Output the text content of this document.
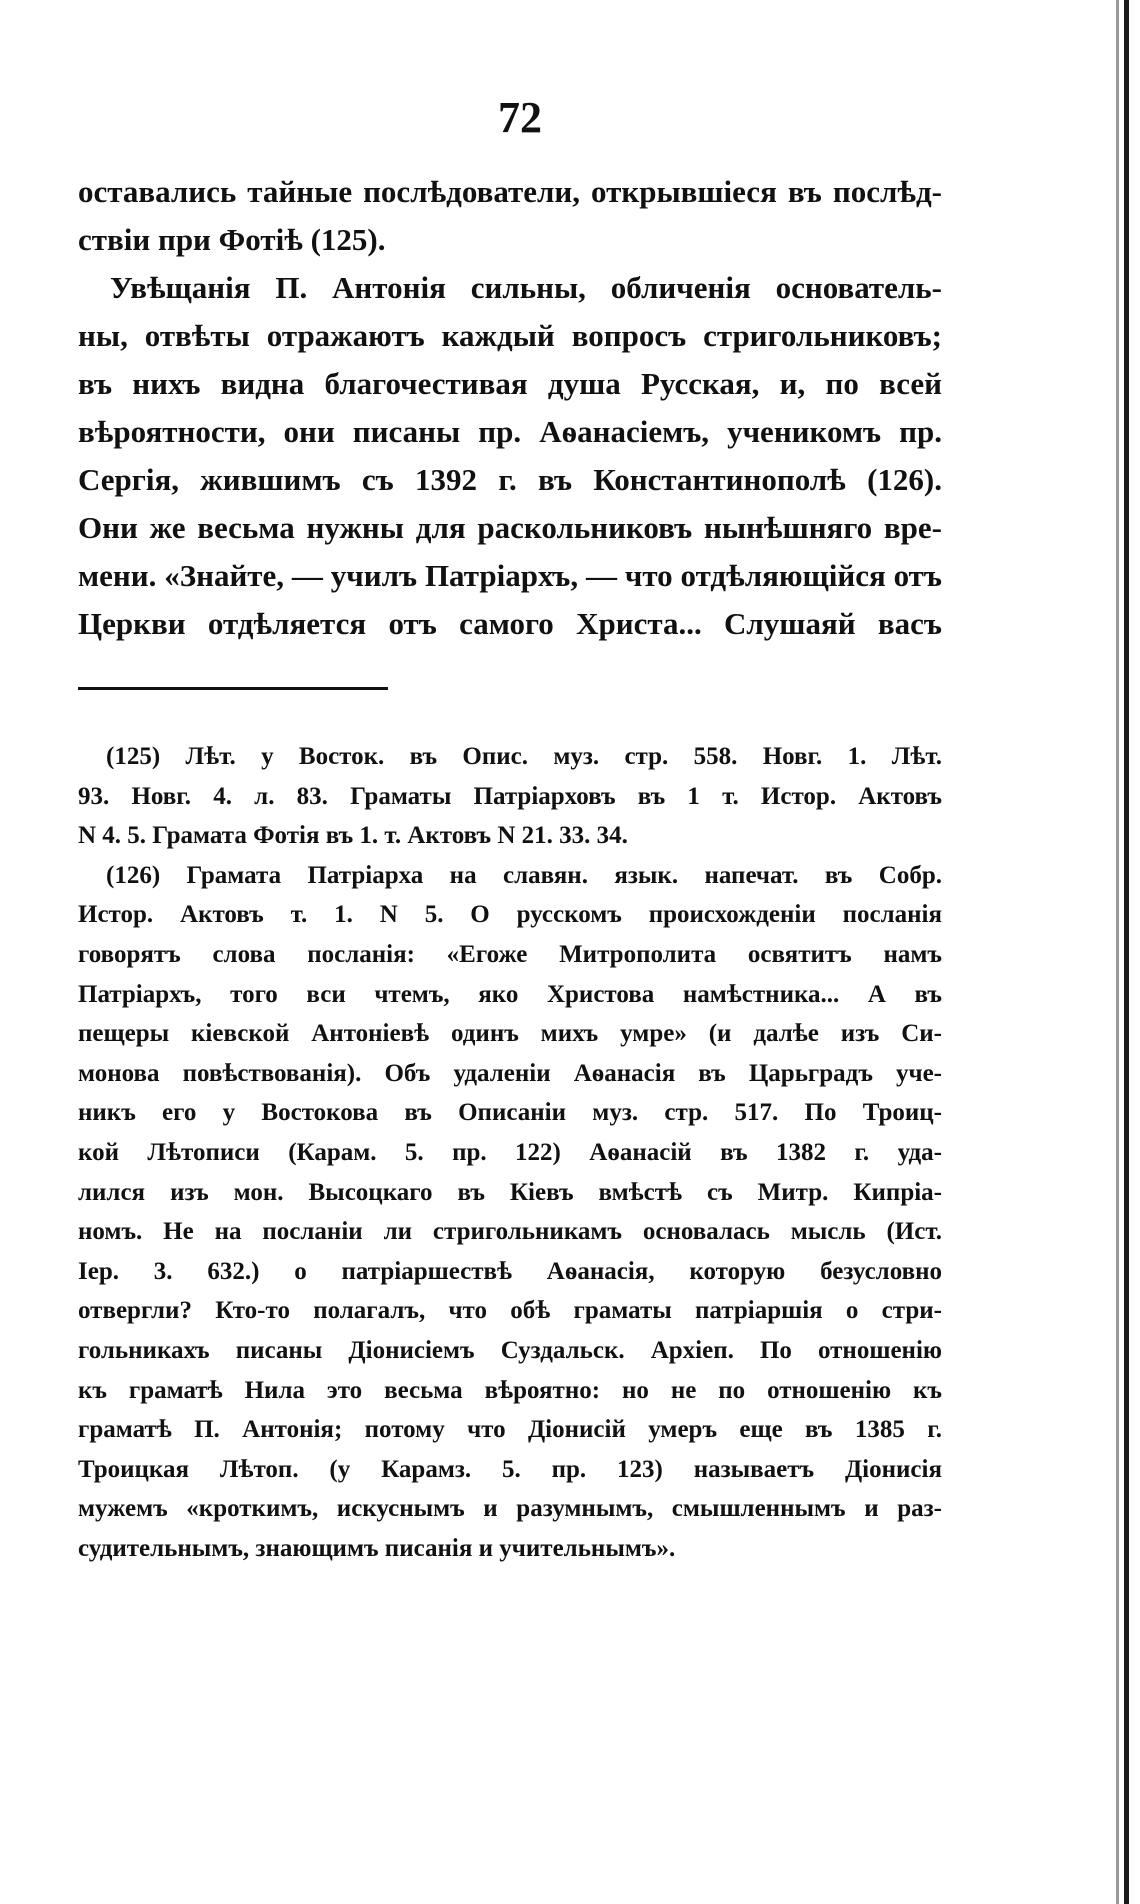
72
оставались тайные послѣдователи, открывшіеся въ послѣд-
ствіи при Фотіѣ (125).
Увѣщанія П. Антонія сильны, обличенія основатель-
ны, отвѣты отражаютъ каждый вопросъ стригольниковъ;
въ нихъ видна благочестивая душа Русская, и, по всей
вѣроятности, они писаны пр. Аѳанасіемъ, ученикомъ пр.
Сергія, жившимъ съ 1392 г. въ Константинополѣ (126).
Они же весьма нужны для раскольниковъ нынѣшняго вре-
мени. «Знайте, — училъ Патріархъ, — что отдѣляющійся отъ
Церкви отдѣляется отъ самого Христа... Слушаяй васъ
(125) Лѣт. у Восток. въ Опис. муз. стр. 558. Новг. 1. Лѣт.
93. Новг. 4. л. 83. Граматы Патріарховъ въ 1 т. Истор. Актовъ
N 4. 5. Грамата Фотія въ 1. т. Актовъ N 21. 33. 34.
(126) Грамата Патріарха на славян. язык. напечат. въ Собр.
Истор. Актовъ т. 1. N 5. О русскомъ происхожденіи посланія
говорятъ слова посланія: «Егоже Митрополита освятитъ намъ
Патріархъ, того вси чтемъ, яко Христова намѣстника... А въ
пещеры кіевской Антоніевѣ одинъ михъ умре» (и далѣе изъ Си-
монова повѣствованія). Объ удаленіи Аѳанасія въ Царьградъ уче-
никъ его у Востокова въ Описаніи муз. стр. 517. По Троиц-
кой Лѣтописи (Карам. 5. пр. 122) Аѳанасій въ 1382 г. уда-
лился изъ мон. Высоцкаго въ Кіевъ вмѣстѣ съ Митр. Кипріа-
номъ. Не на посланіи ли стригольникамъ основалась мысль (Ист.
Іер. 3. 632.) о патріаршествѣ Аѳанасія, которую безусловно
отвергли? Кто-то полагалъ, что обѣ граматы патріаршія о стри-
гольникахъ писаны Діонисіемъ Суздальск. Архіеп. По отношенію
къ граматѣ Нила это весьма вѣроятно: но не по отношенію къ
граматѣ П. Антонія; потому что Діонисій умеръ еще въ 1385 г.
Троицкая Лѣтоп. (у Карамз. 5. пр. 123) называетъ Діонисія
мужемъ «кроткимъ, искуснымъ и разумнымъ, смышленнымъ и раз-
судительнымъ, знающимъ писанія и учительнымъ».
